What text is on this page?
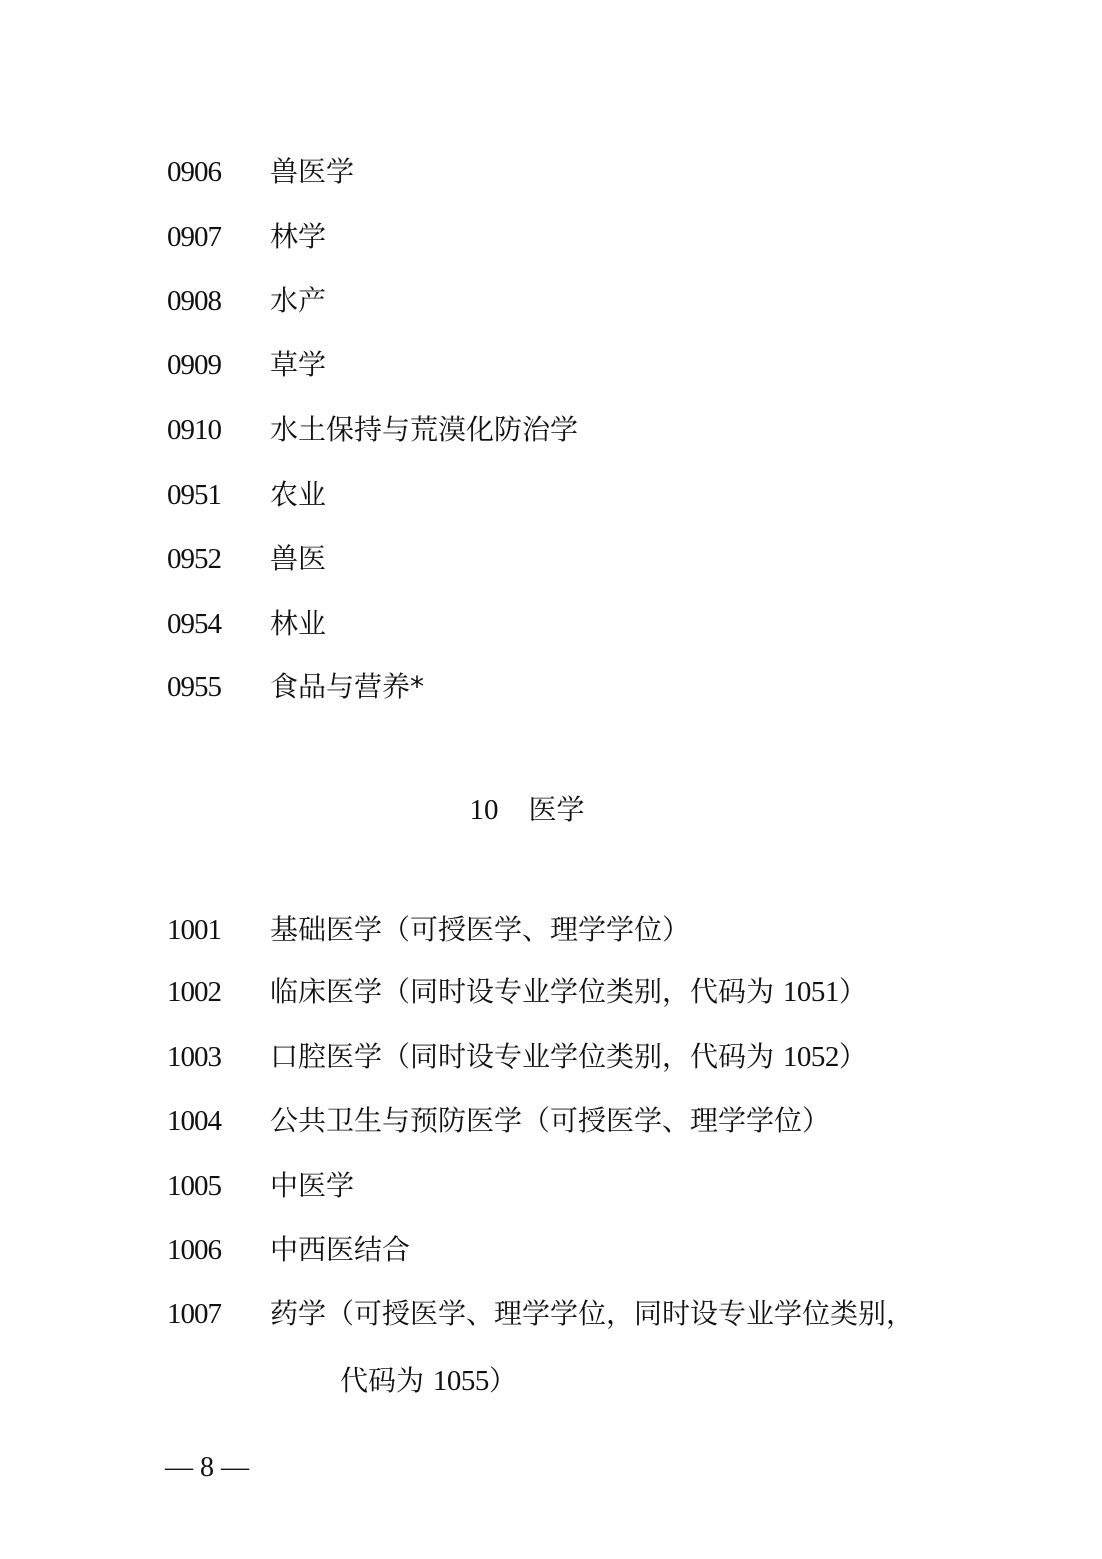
0906 兽医学
0907 林学
0908 水产
0909 草学
0910 水土保持与荒漠化防治学
0951 农业
0952 兽医
0954 林业
0955 食品与营养*
10 医学
1001 基础医学（可授医学、理学学位）
1002 临床医学（同时设专业学位类别，代码为 1051）
1003 口腔医学（同时设专业学位类别，代码为 1052）
1004 公共卫生与预防医学（可授医学、理学学位）
1005 中医学
1006 中西医结合
1007 药学（可授医学、理学学位，同时设专业学位类别，
代码为 1055）
— 8 —
